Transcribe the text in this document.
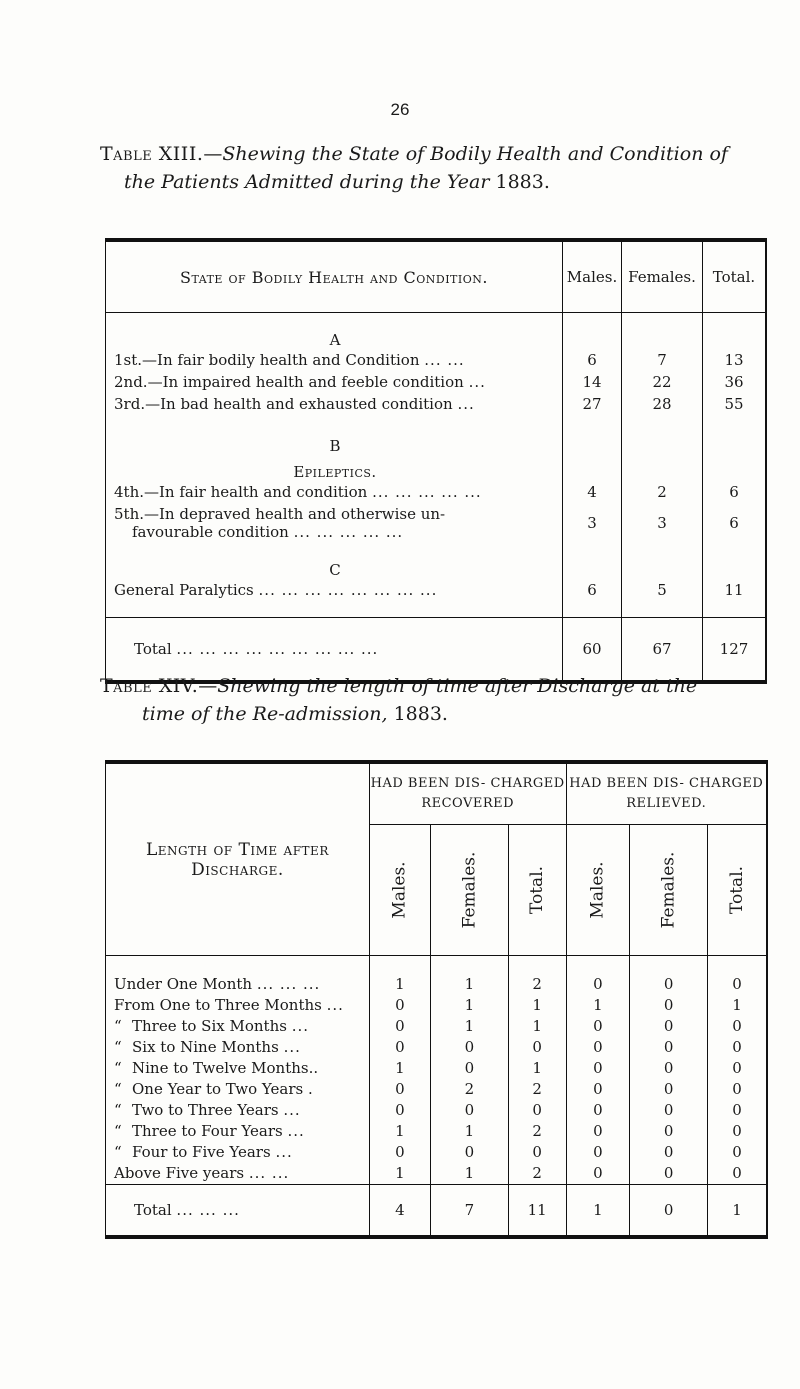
26
Table XIII.—Shewing the State of Bodily Health and Condition of
the Patients Admitted during the Year 1883.
State of Bodily Health and Condition.	Males.	Females.	Total.
A			
1st.—In fair bodily health and Condition ... ...	6	7	13
2nd.—In impaired health and feeble condition ...	14	22	36
3rd.—In bad health and exhausted condition ...	27	28	55
B			
Epileptics.			
4th.—In fair health and condition ... ... ... ... ...	4	2	6
5th.—In depraved health and otherwise un-
favourable condition ... ... ... ... ...	3	3	6
C			
General Paralytics ... ... ... ... ... ... ... ...	6	5	11
Total ... ... ... ... ... ... ... ... ...	60	67	127
Table XIV.—Shewing the length of time after Discharge at the
time of the Re-admission, 1883.
Length of Time after Discharge.	HAD BEEN DIS- CHARGED RECOVERED			HAD BEEN DIS- CHARGED RELIEVED.		
	Males.	Females.	Total.	Males.	Females.	Total.
Under One Month ... ... ...	1	1	2	0	0	0
From One to Three Months ...	0	1	1	1	0	1
“ Three to Six Months ...	0	1	1	0	0	0
“ Six to Nine Months ...	0	0	0	0	0	0
“ Nine to Twelve Months..	1	0	1	0	0	0
“ One Year to Two Years .	0	2	2	0	0	0
“ Two to Three Years ...	0	0	0	0	0	0
“ Three to Four Years ...	1	1	2	0	0	0
“ Four to Five Years ...	0	0	0	0	0	0
Above Five years ... ...	1	1	2	0	0	0
Total ... ... ...	4	7	11	1	0	1
